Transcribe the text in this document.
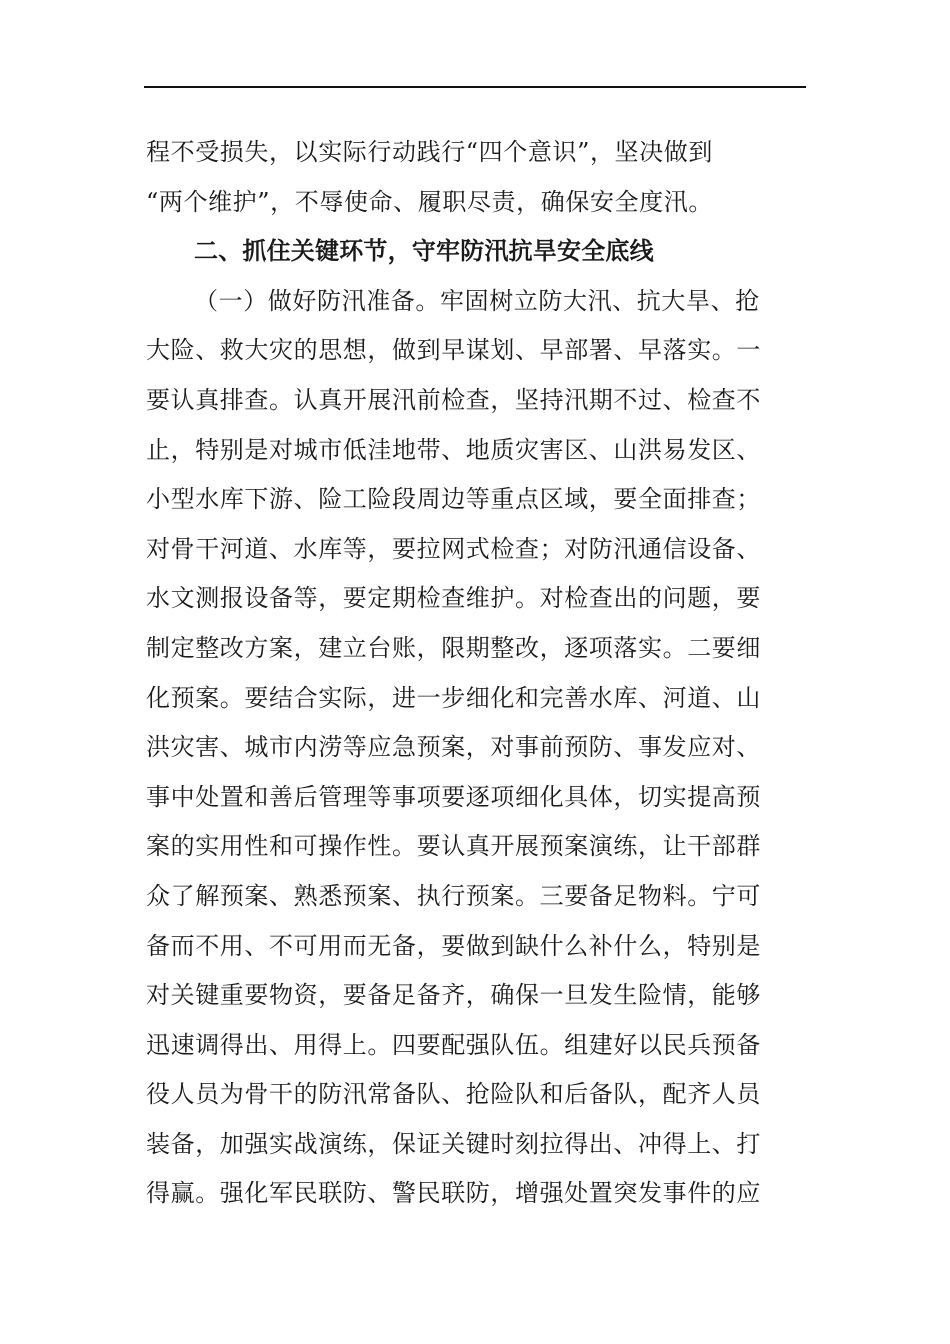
程不受损失，以实际行动践行“四个意识”，坚决做到
“两个维护”，不辱使命、履职尽责，确保安全度汛。
二、抓住关键环节，守牢防汛抗旱安全底线
（一）做好防汛准备。牢固树立防大汛、抗大旱、抢
大险、救大灾的思想，做到早谋划、早部署、早落实。一
要认真排查。认真开展汛前检查，坚持汛期不过、检查不
止，特别是对城市低洼地带、地质灾害区、山洪易发区、
小型水库下游、险工险段周边等重点区域，要全面排查；
对骨干河道、水库等，要拉网式检查；对防汛通信设备、
水文测报设备等，要定期检查维护。对检查出的问题，要
制定整改方案，建立台账，限期整改，逐项落实。二要细
化预案。要结合实际，进一步细化和完善水库、河道、山
洪灾害、城市内涝等应急预案，对事前预防、事发应对、
事中处置和善后管理等事项要逐项细化具体，切实提高预
案的实用性和可操作性。要认真开展预案演练，让干部群
众了解预案、熟悉预案、执行预案。三要备足物料。宁可
备而不用、不可用而无备，要做到缺什么补什么，特别是
对关键重要物资，要备足备齐，确保一旦发生险情，能够
迅速调得出、用得上。四要配强队伍。组建好以民兵预备
役人员为骨干的防汛常备队、抢险队和后备队，配齐人员
装备，加强实战演练，保证关键时刻拉得出、冲得上、打
得赢。强化军民联防、警民联防，增强处置突发事件的应
